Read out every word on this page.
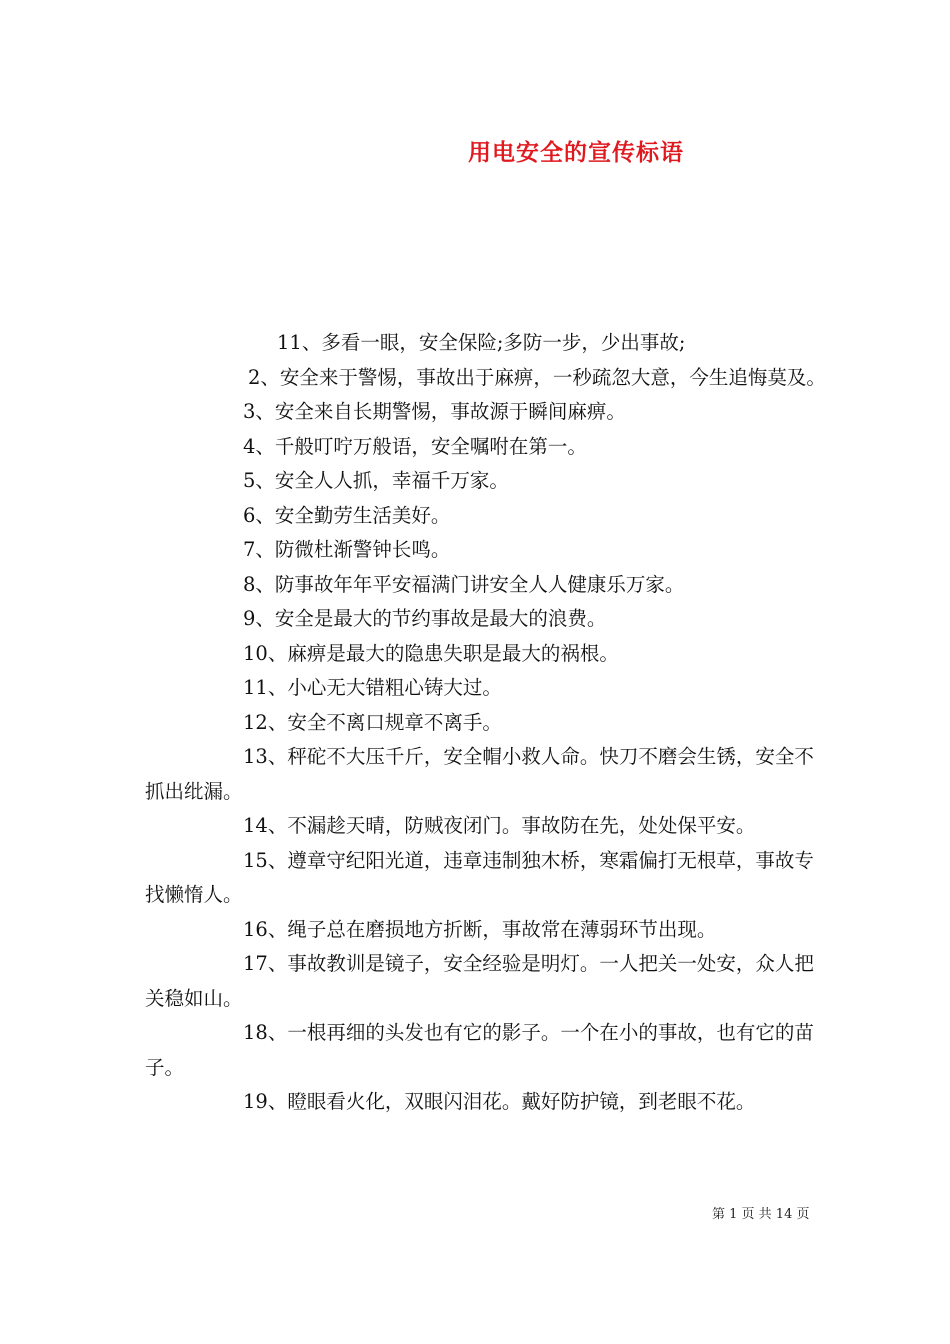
用电安全的宣传标语

11、多看一眼，安全保险;多防一步，少出事故;

2、安全来于警惕，事故出于麻痹，一秒疏忽大意，今生追悔莫及。

3、安全来自长期警惕，事故源于瞬间麻痹。

4、千般叮咛万般语，安全嘱咐在第一。

5、安全人人抓，幸福千万家。

6、安全勤劳生活美好。

7、防微杜渐警钟长鸣。

8、防事故年年平安福满门讲安全人人健康乐万家。

9、安全是最大的节约事故是最大的浪费。

10、麻痹是最大的隐患失职是最大的祸根。

11、小心无大错粗心铸大过。

12、安全不离口规章不离手。

13、秤砣不大压千斤，安全帽小救人命。快刀不磨会生锈，安全不抓出纰漏。

14、不漏趁天晴，防贼夜闭门。事故防在先，处处保平安。

15、遵章守纪阳光道，违章违制独木桥，寒霜偏打无根草，事故专找懒惰人。

16、绳子总在磨损地方折断，事故常在薄弱环节出现。

17、事故教训是镜子，安全经验是明灯。一人把关一处安，众人把关稳如山。

18、一根再细的头发也有它的影子。一个在小的事故，也有它的苗子。

19、瞪眼看火化，双眼闪泪花。戴好防护镜，到老眼不花。

第 1 页 共 14 页
